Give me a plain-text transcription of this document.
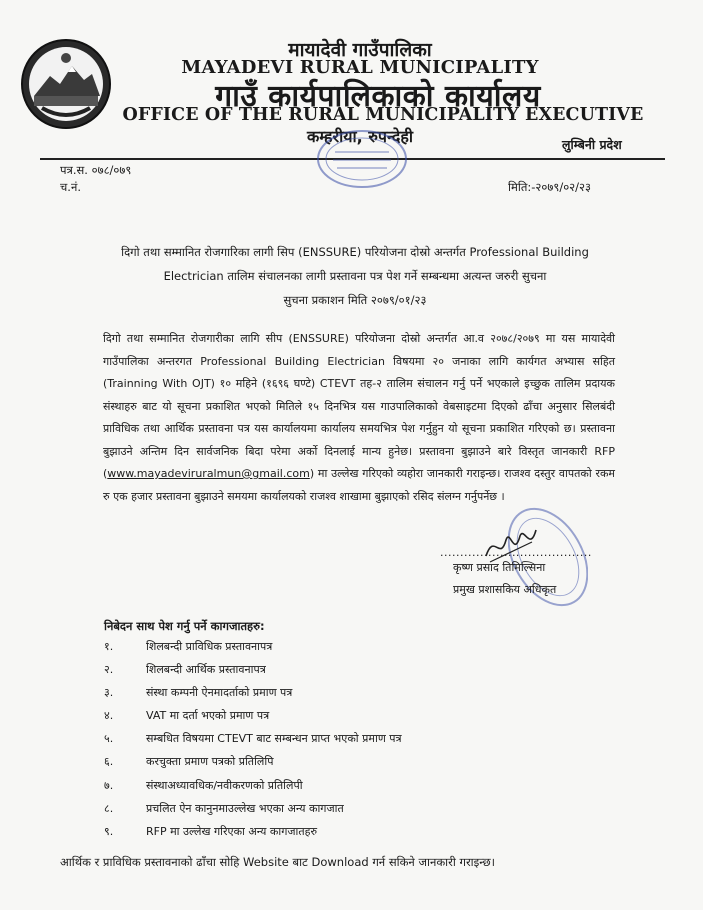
मायादेवी गाउँपालिका
MAYADEVI RURAL MUNICIPALITY
गाउँ कार्यपालिकाको कार्यालय
OFFICE OF THE RURAL MUNICIPALITY EXECUTIVE
कम्हरीया, रुपन्देही	लुम्बिनी प्रदेश
पत्र.स. ०७८/०७९
च.नं.	मिति:-२०७९/०२/२३
दिगो तथा सम्मानित रोजगारिका लागी सिप (ENSSURE) परियोजना दोस्रो अन्तर्गत Professional Building
Electrician तालिम संचालनका लागी प्रस्तावना पत्र पेश गर्ने सम्बन्धमा अत्यन्त जरुरी सुचना
सुचना प्रकाशन मिति २०७९/०१/२३
दिगो तथा सम्मानित रोजगारीका लागि सीप (ENSSURE) परियोजना दोस्रो अन्तर्गत आ.व २०७८/२०७९ मा यस मायादेवी गाउँपालिका अन्तरगत Professional Building Electrician विषयमा २० जनाका लागि कार्यगत अभ्यास सहित (Trainning With OJT) १० महिने (१६९६ घण्टे) CTEVT तह-२ तालिम संचालन गर्नु पर्ने भएकाले इच्छुक तालिम प्रदायक संस्थाहरु बाट यो सूचना प्रकाशित भएको मितिले १५ दिनभित्र यस गाउपालिकाको वेबसाइटमा दिएको ढाँचा अनुसार सिलबंदी प्राविधिक तथा आर्थिक प्रस्तावना पत्र यस कार्यालयमा कार्यालय समयभित्र पेश गर्नुहुन यो सूचना प्रकाशित गरिएको छ। प्रस्तावना बुझाउने अन्तिम दिन सार्वजनिक बिदा परेमा अर्को दिनलाई मान्य हुनेछ। प्रस्तावना बुझाउने बारे विस्तृत जानकारी RFP (www.mayadeviruralmun@gmail.com) मा उल्लेख गरिएको व्यहोरा जानकारी गराइन्छ। राजश्व दस्तुर वापतको रकम रु एक हजार प्रस्तावना बुझाउने समयमा कार्यालयको राजश्व शाखामा बुझाएको रसिद संलग्न गर्नुपर्नेछ ।
......................................
कृष्ण प्रसाद तिमिल्सिना
प्रमुख प्रशासकिय अधिकृत
निबेदन साथ पेश गर्नु पर्ने कागजातहरु:
१.	शिलबन्दी प्राविधिक प्रस्तावनापत्र
२.	शिलबन्दी आर्थिक प्रस्तावनापत्र
३.	संस्था कम्पनी ऐनमादर्ताको प्रमाण पत्र
४.	VAT मा दर्ता भएको प्रमाण पत्र
५.	सम्बधित विषयमा CTEVT बाट सम्बन्धन प्राप्त भएको प्रमाण पत्र
६.	करचुक्ता प्रमाण पत्रको प्रतिलिपि
७.	संस्थाअध्यावधिक/नवीकरणको प्रतिलिपी
८.	प्रचलित ऐन कानुनमाउल्लेख भएका अन्य कागजात
९.	RFP मा उल्लेख गरिएका अन्य कागजातहरु
आर्थिक र प्राविधिक प्रस्तावनाको ढाँचा सोहि Website बाट Download गर्न सकिने जानकारी गराइन्छ।
